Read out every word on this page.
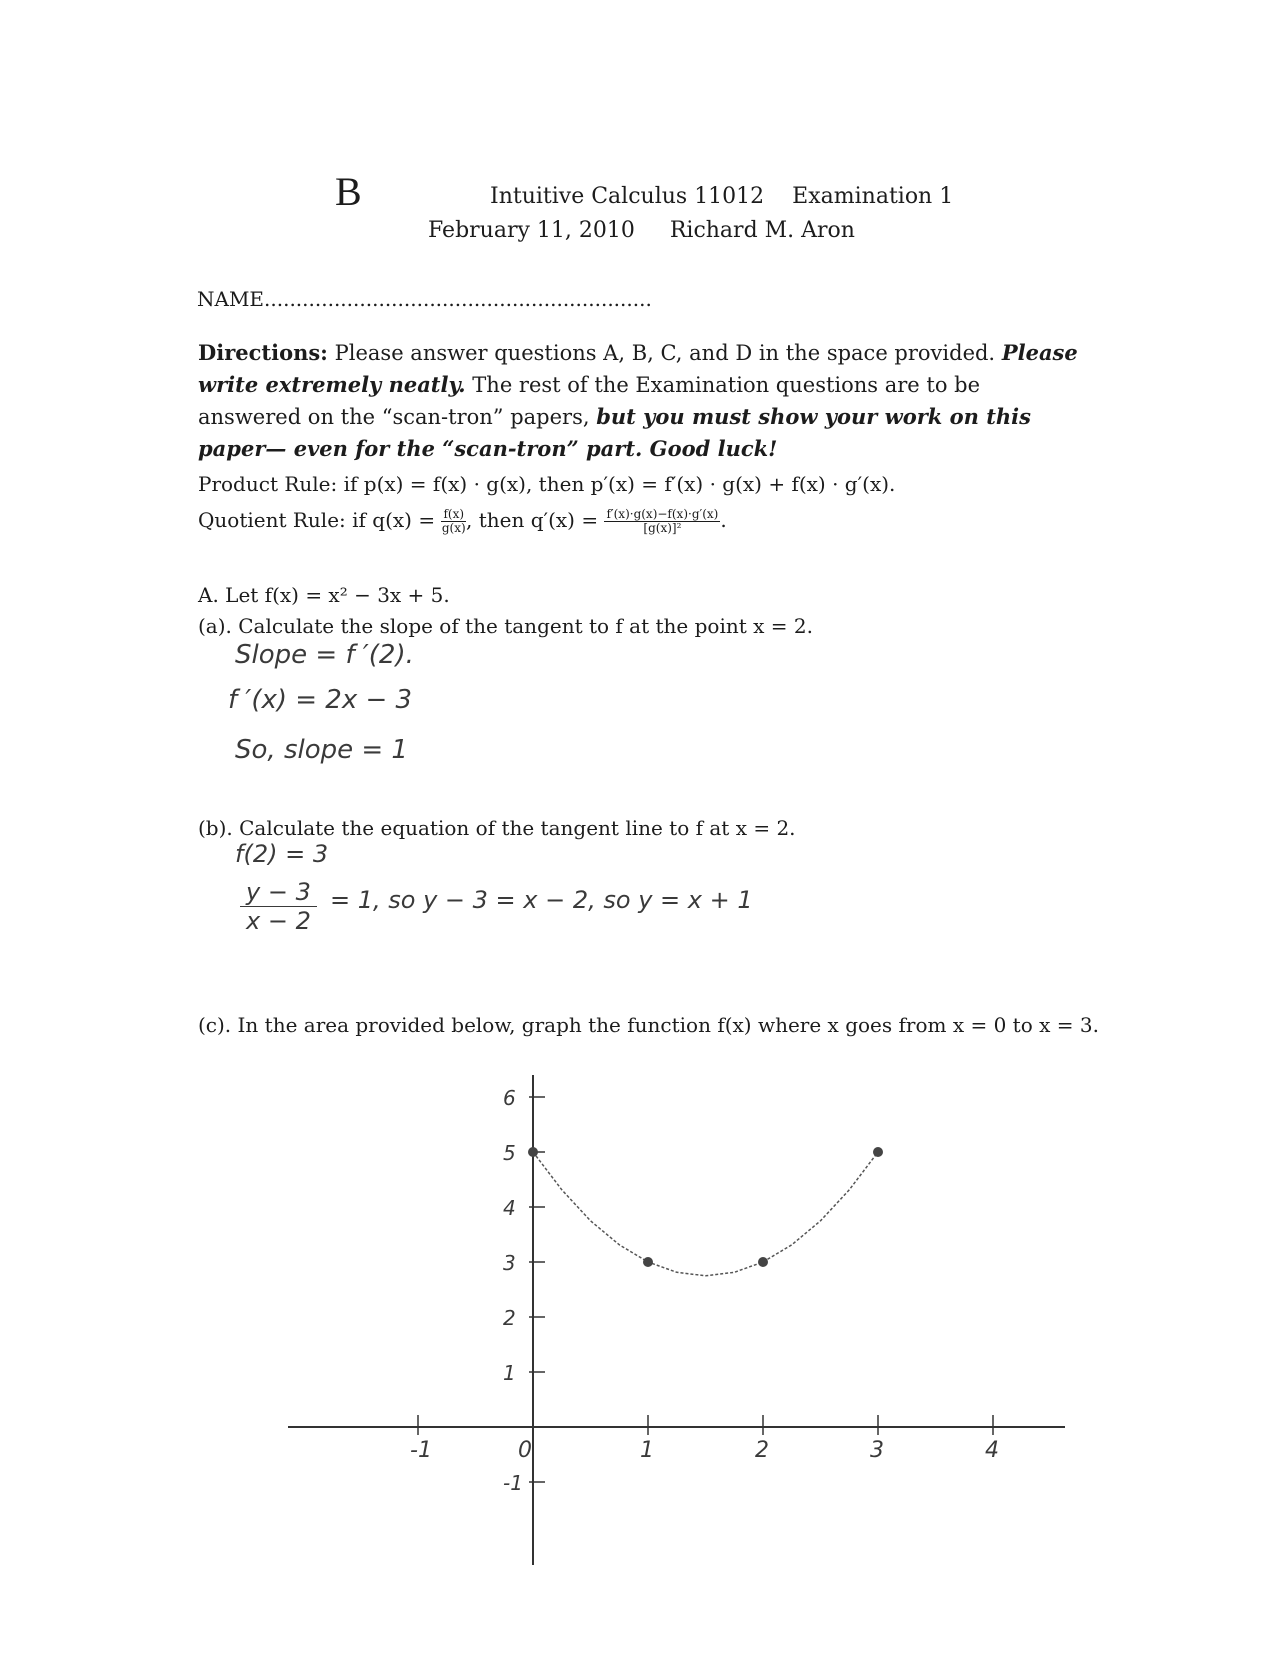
B	Intuitive Calculus 11012 Examination 1
February 11, 2010 Richard M. Aron
NAME.............................................................
Directions: Please answer questions A, B, C, and D in the space provided. Please write extremely neatly. The rest of the Examination questions are to be answered on the “scan-tron” papers, but you must show your work on this paper— even for the “scan-tron” part. Good luck!
Product Rule: if p(x) = f(x) · g(x), then p′(x) = f′(x) · g(x) + f(x) · g′(x).
Quotient Rule: if $q(x) = \frac{f(x)}{g(x)}$ , then $q'(x) = \frac{f'(x)\cdot g(x)-f(x)\cdot g'(x)}{\text{[g(x)]²}}$ .
A. Let f(x) = x² − 3x + 5.
(a). Calculate the slope of the tangent to f at the point x = 2.
Slope = f ′(2).
f ′(x) = 2x − 3
So, slope = 1
(b). Calculate the equation of the tangent line to f at x = 2.
f(2) = 3
$\frac{y - 3}{x - 2} = 1$, so y − 3 = x − 2, so y = x + 1
(c). In the area provided below, graph the function f(x) where x goes from x = 0 to x = 3.
-1	0	1	2	3	4
-1
1
2
3
4
5
6
